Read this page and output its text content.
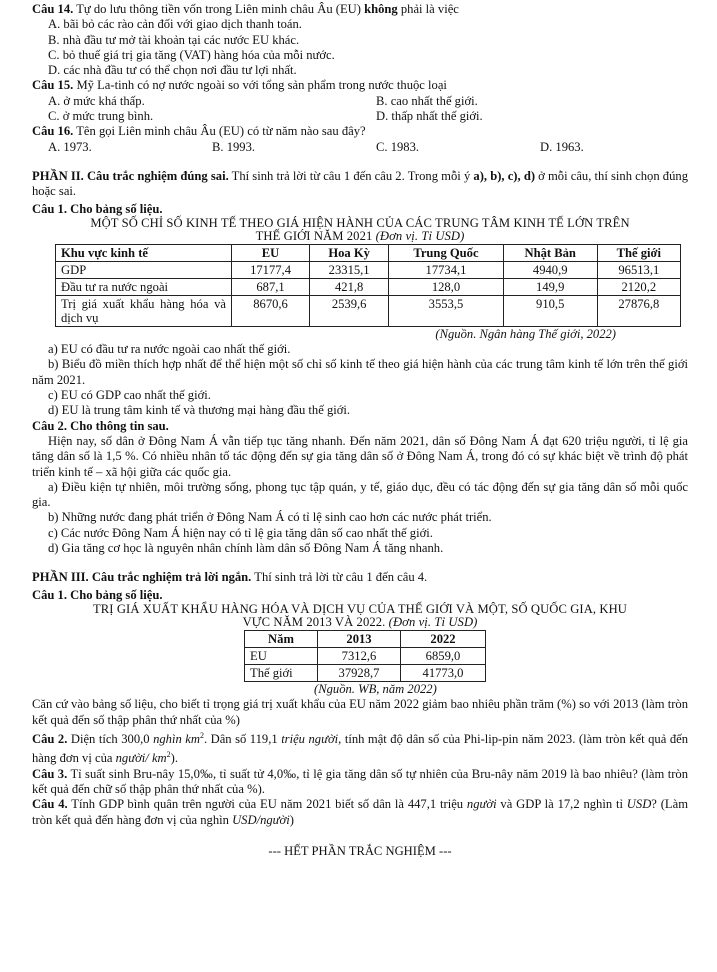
Câu 14. Tự do lưu thông tiền vốn trong Liên minh châu Âu (EU) không phải là việc

A. bãi bỏ các rào cản đối với giao dịch thanh toán.

B. nhà đầu tư mở tài khoản tại các nước EU khác.

C. bỏ thuế giá trị gia tăng (VAT) hàng hóa của mỗi nước.

D. các nhà đầu tư có thể chọn nơi đầu tư lợi nhất.

Câu 15. Mỹ La-tinh có nợ nước ngoài so với tổng sản phẩm trong nước thuộc loại

A. ở mức khá thấp.	B. cao nhất thế giới.
C. ở mức trung bình.	D. thấp nhất thế giới.

Câu 16. Tên gọi Liên minh châu Âu (EU) có từ năm nào sau đây?

A. 1973.	B. 1993.	C. 1983.	D. 1963.

PHẦN II. Câu trắc nghiệm đúng sai. Thí sinh trả lời từ câu 1 đến câu 2. Trong mỗi ý a), b), c), d) ở mỗi câu, thí sinh chọn đúng hoặc sai.

Câu 1. Cho bảng số liệu.

MỘT SỐ CHỈ SỐ KINH TẾ THEO GIÁ HIỆN HÀNH CỦA CÁC TRUNG TÂM KINH TẾ LỚN TRÊN

THẾ GIỚI NĂM 2021 (Đơn vị. Tỉ USD)

Khu vực kinh tế	EU	Hoa Kỳ	Trung Quốc	Nhật Bản	Thế giới
GDP	17177,4	23315,1	17734,1	4940,9	96513,1
Đầu tư ra nước ngoài	687,1	421,8	128,0	149,9	2120,2
Trị giá xuất khẩu hàng hóa và dịch vụ	8670,6	2539,6	3553,5	910,5	27876,8

(Nguồn. Ngân hàng Thế giới, 2022)

a) EU có đầu tư ra nước ngoài cao nhất thế giới.

b) Biểu đồ miền thích hợp nhất để thể hiện một số chỉ số kinh tế theo giá hiện hành của các trung tâm kinh tế lớn trên thế giới năm 2021.

c) EU có GDP cao nhất thế giới.

d) EU là trung tâm kinh tế và thương mại hàng đầu thế giới.

Câu 2. Cho thông tin sau.

Hiện nay, số dân ở Đông Nam Á vẫn tiếp tục tăng nhanh. Đến năm 2021, dân số Đông Nam Á đạt 620 triệu người, tỉ lệ gia tăng dân số là 1,5 %. Có nhiều nhân tố tác động đến sự gia tăng dân số ở Đông Nam Á, trong đó có sự khác biệt về trình độ phát triển kinh tế – xã hội giữa các quốc gia.

a) Điều kiện tự nhiên, môi trường sống, phong tục tập quán, y tế, giáo dục, đều có tác động đến sự gia tăng dân số mỗi quốc gia.

b) Những nước đang phát triển ở Đông Nam Á có tỉ lệ sinh cao hơn các nước phát triển.

c) Các nước Đông Nam Á hiện nay có tỉ lệ gia tăng dân số cao nhất thế giới.

d) Gia tăng cơ học là nguyên nhân chính làm dân số Đông Nam Á tăng nhanh.

PHẦN III. Câu trắc nghiệm trả lời ngắn. Thí sinh trả lời từ câu 1 đến câu 4.

Câu 1. Cho bảng số liệu.

TRỊ GIÁ XUẤT KHẨU HÀNG HÓA VÀ DỊCH VỤ CỦA THẾ GIỚI VÀ MỘT, SỐ QUỐC GIA, KHU

VỰC NĂM 2013 VÀ 2022. (Đơn vị. Tỉ USD)

Năm	2013	2022
EU	7312,6	6859,0
Thế giới	37928,7	41773,0

(Nguồn. WB, năm 2022)

Căn cứ vào bảng số liệu, cho biết tỉ trọng giá trị xuất khẩu của EU năm 2022 giảm bao nhiêu phần trăm (%) so với 2013 (làm tròn kết quả đến số thập phân thứ nhất của %)

Câu 2. Diện tích 300,0 nghìn $km^2$. Dân số 119,1 triệu người, tính mật độ dân số của Phi-lip-pin năm 2023. (làm tròn kết quả đến hàng đơn vị của người/ $km^2$).

Câu 3. Tỉ suất sinh Bru-nây 15,0‰, tỉ suất tử 4,0‰, tỉ lệ gia tăng dân số tự nhiên của Bru-nây năm 2019 là bao nhiêu? (làm tròn kết quả đến chữ số thập phân thứ nhất của %).

Câu 4. Tính GDP bình quân trên người của EU năm 2021 biết số dân là 447,1 triệu người và GDP là 17,2 nghìn tỉ USD? (Làm tròn kết quả đến hàng đơn vị của nghìn USD/người)

--- HẾT PHẦN TRẮC NGHIỆM ---
